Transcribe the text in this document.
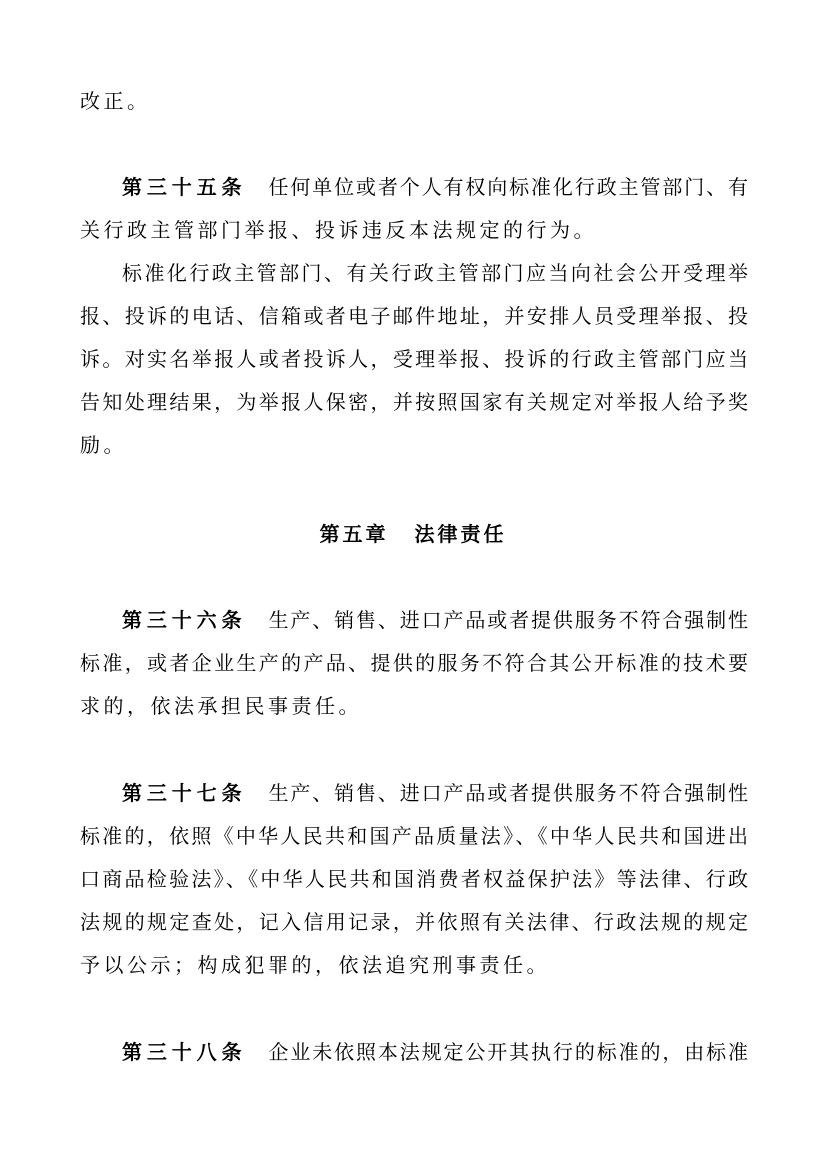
改正。
第三十五条 任何单位或者个人有权向标准化行政主管部门、有
关行政主管部门举报、投诉违反本法规定的行为。
标准化行政主管部门、有关行政主管部门应当向社会公开受理举
报、投诉的电话、信箱或者电子邮件地址，并安排人员受理举报、投
诉。对实名举报人或者投诉人，受理举报、投诉的行政主管部门应当
告知处理结果，为举报人保密，并按照国家有关规定对举报人给予奖
励。
第五章 法律责任
第三十六条 生产、销售、进口产品或者提供服务不符合强制性
标准，或者企业生产的产品、提供的服务不符合其公开标准的技术要
求的，依法承担民事责任。
第三十七条 生产、销售、进口产品或者提供服务不符合强制性
标准的，依照《中华人民共和国产品质量法》、《中华人民共和国进出
口商品检验法》、《中华人民共和国消费者权益保护法》等法律、行政
法规的规定查处，记入信用记录，并依照有关法律、行政法规的规定
予以公示；构成犯罪的，依法追究刑事责任。
第三十八条 企业未依照本法规定公开其执行的标准的，由标准
